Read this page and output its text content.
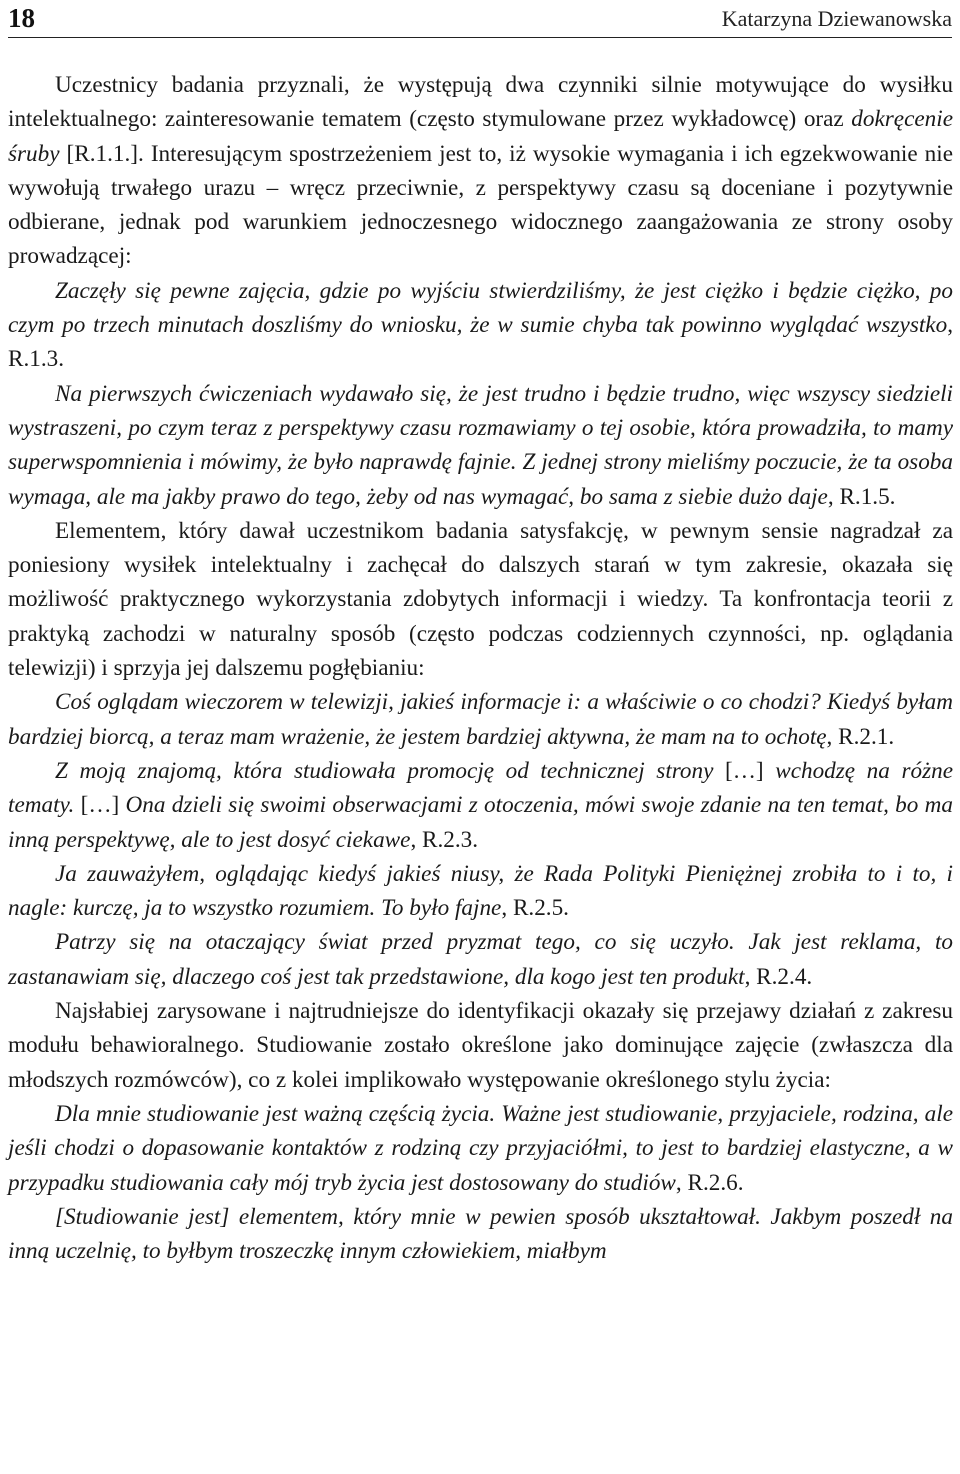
18	Katarzyna Dziewanowska

Uczestnicy badania przyznali, że występują dwa czynniki silnie motywujące do wysiłku intelektualnego: zainteresowanie tematem (często stymulowane przez wykładowcę) oraz dokręcenie śruby [R.1.1.]. Interesującym spostrzeżeniem jest to, iż wysokie wymagania i ich egzekwowanie nie wywołują trwałego urazu – wręcz przeciwnie, z perspektywy czasu są doceniane i pozytywnie odbierane, jednak pod warunkiem jednoczesnego widocznego zaangażowania ze strony osoby prowadzącej:

Zaczęły się pewne zajęcia, gdzie po wyjściu stwierdziliśmy, że jest ciężko i będzie ciężko, po czym po trzech minutach doszliśmy do wniosku, że w sumie chyba tak powinno wyglądać wszystko, R.1.3.

Na pierwszych ćwiczeniach wydawało się, że jest trudno i będzie trudno, więc wszyscy siedzieli wystraszeni, po czym teraz z perspektywy czasu rozmawiamy o tej osobie, która prowadziła, to mamy superwspomnienia i mówimy, że było naprawdę fajnie. Z jednej strony mieliśmy poczucie, że ta osoba wymaga, ale ma jakby prawo do tego, żeby od nas wymagać, bo sama z siebie dużo daje, R.1.5.

Elementem, który dawał uczestnikom badania satysfakcję, w pewnym sensie nagradzał za poniesiony wysiłek intelektualny i zachęcał do dalszych starań w tym zakresie, okazała się możliwość praktycznego wykorzystania zdobytych informacji i wiedzy. Ta konfrontacja teorii z praktyką zachodzi w naturalny sposób (często podczas codziennych czynności, np. oglądania telewizji) i sprzyja jej dalszemu pogłębianiu:

Coś oglądam wieczorem w telewizji, jakieś informacje i: a właściwie o co chodzi? Kiedyś byłam bardziej biorcą, a teraz mam wrażenie, że jestem bardziej aktywna, że mam na to ochotę, R.2.1.

Z moją znajomą, która studiowała promocję od technicznej strony […] wchodzę na różne tematy. […] Ona dzieli się swoimi obserwacjami z otoczenia, mówi swoje zdanie na ten temat, bo ma inną perspektywę, ale to jest dosyć ciekawe, R.2.3.

Ja zauważyłem, oglądając kiedyś jakieś niusy, że Rada Polityki Pieniężnej zrobiła to i to, i nagle: kurczę, ja to wszystko rozumiem. To było fajne, R.2.5.

Patrzy się na otaczający świat przed pryzmat tego, co się uczyło. Jak jest reklama, to zastanawiam się, dlaczego coś jest tak przedstawione, dla kogo jest ten produkt, R.2.4.

Najsłabiej zarysowane i najtrudniejsze do identyfikacji okazały się przejawy działań z zakresu modułu behawioralnego. Studiowanie zostało określone jako dominujące zajęcie (zwłaszcza dla młodszych rozmówców), co z kolei implikowało występowanie określonego stylu życia:

Dla mnie studiowanie jest ważną częścią życia. Ważne jest studiowanie, przyjaciele, rodzina, ale jeśli chodzi o dopasowanie kontaktów z rodziną czy przyjaciółmi, to jest to bardziej elastyczne, a w przypadku studiowania cały mój tryb życia jest dostosowany do studiów, R.2.6.

[Studiowanie jest] elementem, który mnie w pewien sposób ukształtował. Jakbym poszedł na inną uczelnię, to byłbym troszeczkę innym człowiekiem, miałbym
